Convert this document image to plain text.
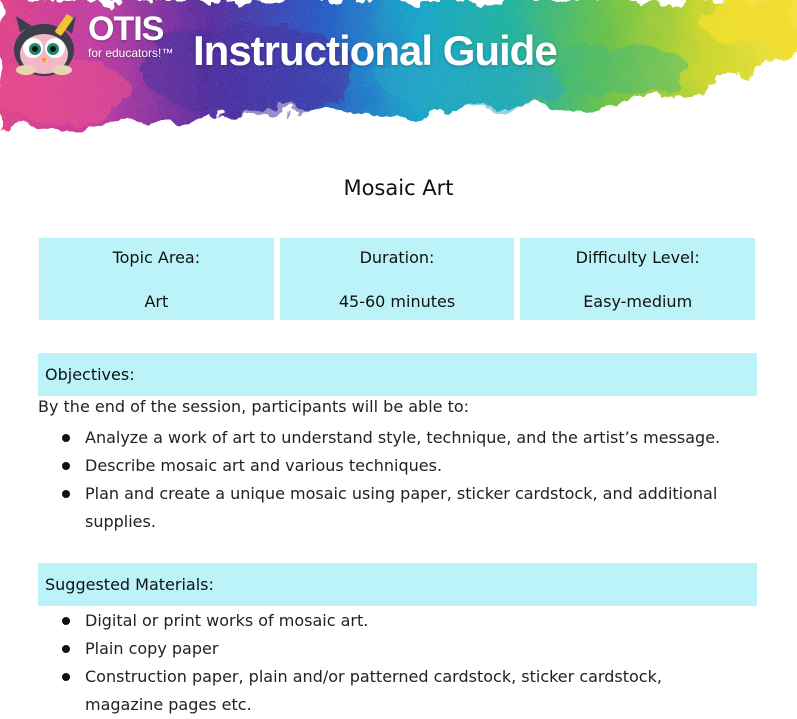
OTIS
for educators!™ Instructional Guide
Mosaic Art
Topic Area:
Art
Duration:
45-60 minutes
Difficulty Level:
Easy-medium
Objectives:
By the end of the session, participants will be able to:
Analyze a work of art to understand style, technique, and the artist’s message.
Describe mosaic art and various techniques.
Plan and create a unique mosaic using paper, sticker cardstock, and additional supplies.
Suggested Materials:
Digital or print works of mosaic art.
Plain copy paper
Construction paper, plain and/or patterned cardstock, sticker cardstock, magazine pages etc.
